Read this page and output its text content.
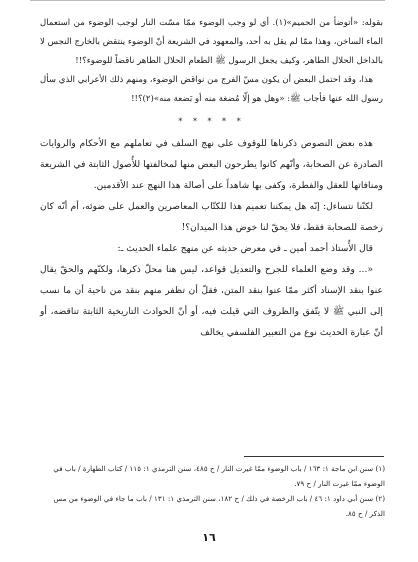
بقوله: «أتوضأ من الحميم»(١). أي لو وجب الوضوء ممّا مسّت النار لوجب الوضوء من استعمال الماء الساخن، وهذا ممّا لم يقل به أحد، والمعهود في الشريعة أنّ الوضوء ينتقض بالخارج النجس لا بالداخل الحلال الطاهر، وكيف يجعل الرسول ﷺ الطعام الحلال الطاهر ناقضاً للوضوء؟!!

هذا، وقد احتمل البعض أن يكون مسّ الفرج من نواقض الوضوء، ومنهم ذلك الأعرابي الذي سأل رسول الله عنها فأجاب ﷺ: «وهل هو إلّا مُضغة منه أو بَضعة منه»(٢)؟!!

* * * * *

هذه بعض النصوص ذكرناها للوقوف على نهج السلف في تعاملهم مع الأحكام والروايات الصادرة عن الصحابة، وأنّهم كانوا يطرحون البعض منها لمخالفتها للأُصول الثابتة في الشريعة ومنافاتها للعقل والفطرة، وكفى بها شاهداً على أصالة هذا النهج عند الأقدمين.

لكنّنا نتساءل: إنّه هل يمكننا تعميم هذا للكتّاب المعاصرين والعمل على ضوئه، أم أنّه كان رخصة للصحابة فقط، فلا يحقّ لنا خوض هذا الميدان؟!

قال الأُستاذ أحمد أمين ـ في معرض حديثه عن منهج علماء الحديث ـ:

«... وقد وضع العلماء للجرح والتعديل قواعد، ليس هنا محلّ ذكرها، ولكنّهم والحقّ يقال عنوا بنقد الإسناد أكثر ممّا عنوا بنقد المتن، فقلّ أن تظفر منهم بنقد من ناحية أن ما نسب إلى النبي ﷺ لا يتّفق والظروف التي قيلت فيه، أو أنّ الحوادث التاريخية الثابتة تناقضه، أو أنّ عبارة الحديث نوع من التعبير الفلسفي يخالف

(١) سنن ابن ماجة ١: ١٦٣ / باب الوضوء ممّا غيرت النار / ح ٤٨٥، سنن الترمذي ١: ١١٥ / كتاب الطهارة / باب في الوضوء ممّا غيرت النار / ح ٧٩.

(٢) سنن أبي داود ١: ٤٦ / باب الرخصة في ذلك / ح ١٨٢، سنن الترمذي ١: ١٣١ / باب ما جاء في الوضوء من مس الذكر / ح ٨٥.

١٦
